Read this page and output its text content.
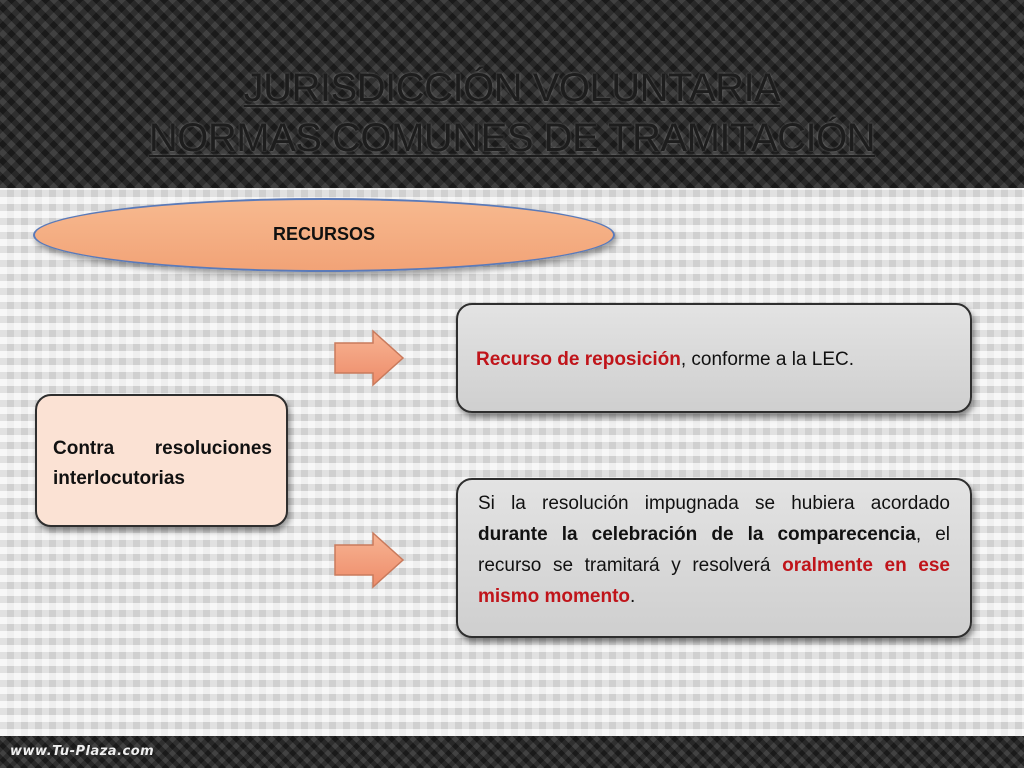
JURISDICCIÓN VOLUNTARIA
NORMAS COMUNES DE TRAMITACIÓN
RECURSOS
Contra resoluciones
interlocutorias
Recurso de reposición, conforme a la LEC.
Si la resolución impugnada se hubiera acordado durante la celebración de la comparecencia, el recurso se tramitará y resolverá oralmente en ese mismo momento.
www.Tu-Plaza.com
